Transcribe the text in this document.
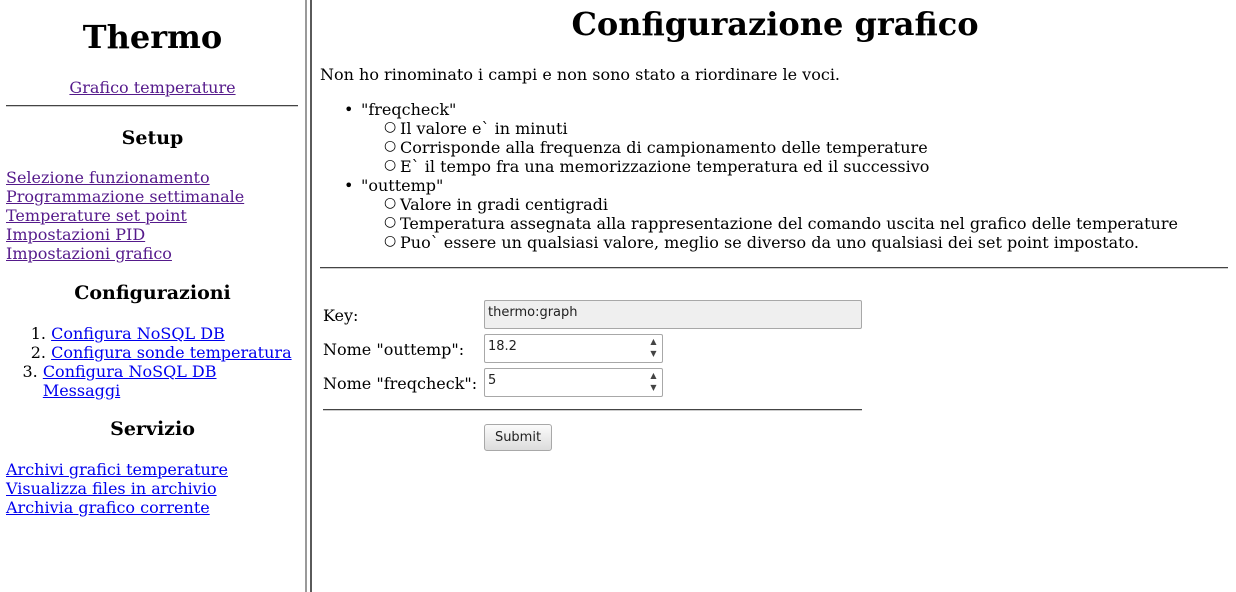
Thermo
Grafico temperature
Setup
Selezione funzionamento
Programmazione settimanale
Temperature set point
Impostazioni PID
Impostazioni grafico
Configurazioni
1.
Configura NoSQL DB
2.
Configura sonde temperatura
3.
Configura NoSQL DB Messaggi
Servizio
Archivi grafici temperature
Visualizza files in archivio
Archivia grafico corrente
Configurazione grafico

Non ho rinominato i campi e non sono stato a riordinare le voci.

• "freqcheck"
○ Il valore e` in minuti
○ Corrisponde alla frequenza di campionamento delle temperature
○ E` il tempo fra una memorizzazione temperatura ed il successivo
• "outtemp"
○ Valore in gradi centigradi
○ Temperatura assegnata alla rappresentazione del comando uscita nel grafico delle temperature
○ Puo` essere un qualsiasi valore, meglio se diverso da uno qualsiasi dei set point impostato.
Key:	thermo:graph
Nome "outtemp":	18.2	▲
▼
Nome "freqcheck": 5	▲
▼
Submit
